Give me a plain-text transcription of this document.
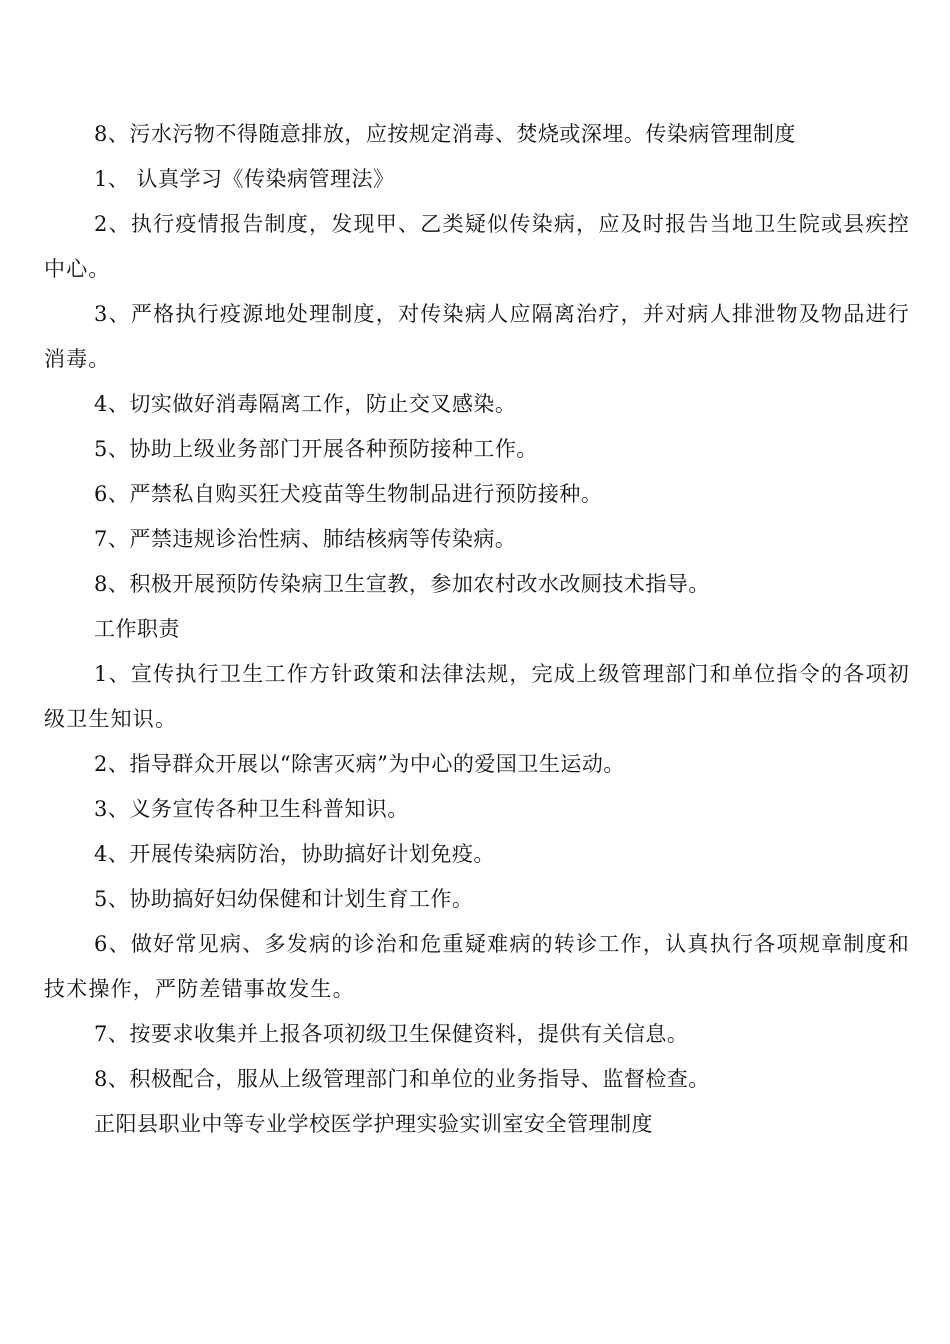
8、污水污物不得随意排放，应按规定消毒、焚烧或深埋。传染病管理制度

1、 认真学习《传染病管理法》

2、执行疫情报告制度，发现甲、乙类疑似传染病，应及时报告当地卫生院或县疾控中心。

3、严格执行疫源地处理制度，对传染病人应隔离治疗，并对病人排泄物及物品进行消毒。

4、切实做好消毒隔离工作，防止交叉感染。

5、协助上级业务部门开展各种预防接种工作。

6、严禁私自购买狂犬疫苗等生物制品进行预防接种。

7、严禁违规诊治性病、肺结核病等传染病。

8、积极开展预防传染病卫生宣教，参加农村改水改厕技术指导。

工作职责

1、宣传执行卫生工作方针政策和法律法规，完成上级管理部门和单位指令的各项初级卫生知识。

2、指导群众开展以“除害灭病”为中心的爱国卫生运动。

3、义务宣传各种卫生科普知识。

4、开展传染病防治，协助搞好计划免疫。

5、协助搞好妇幼保健和计划生育工作。

6、做好常见病、多发病的诊治和危重疑难病的转诊工作，认真执行各项规章制度和技术操作，严防差错事故发生。

7、按要求收集并上报各项初级卫生保健资料，提供有关信息。

8、积极配合，服从上级管理部门和单位的业务指导、监督检查。

正阳县职业中等专业学校医学护理实验实训室安全管理制度
